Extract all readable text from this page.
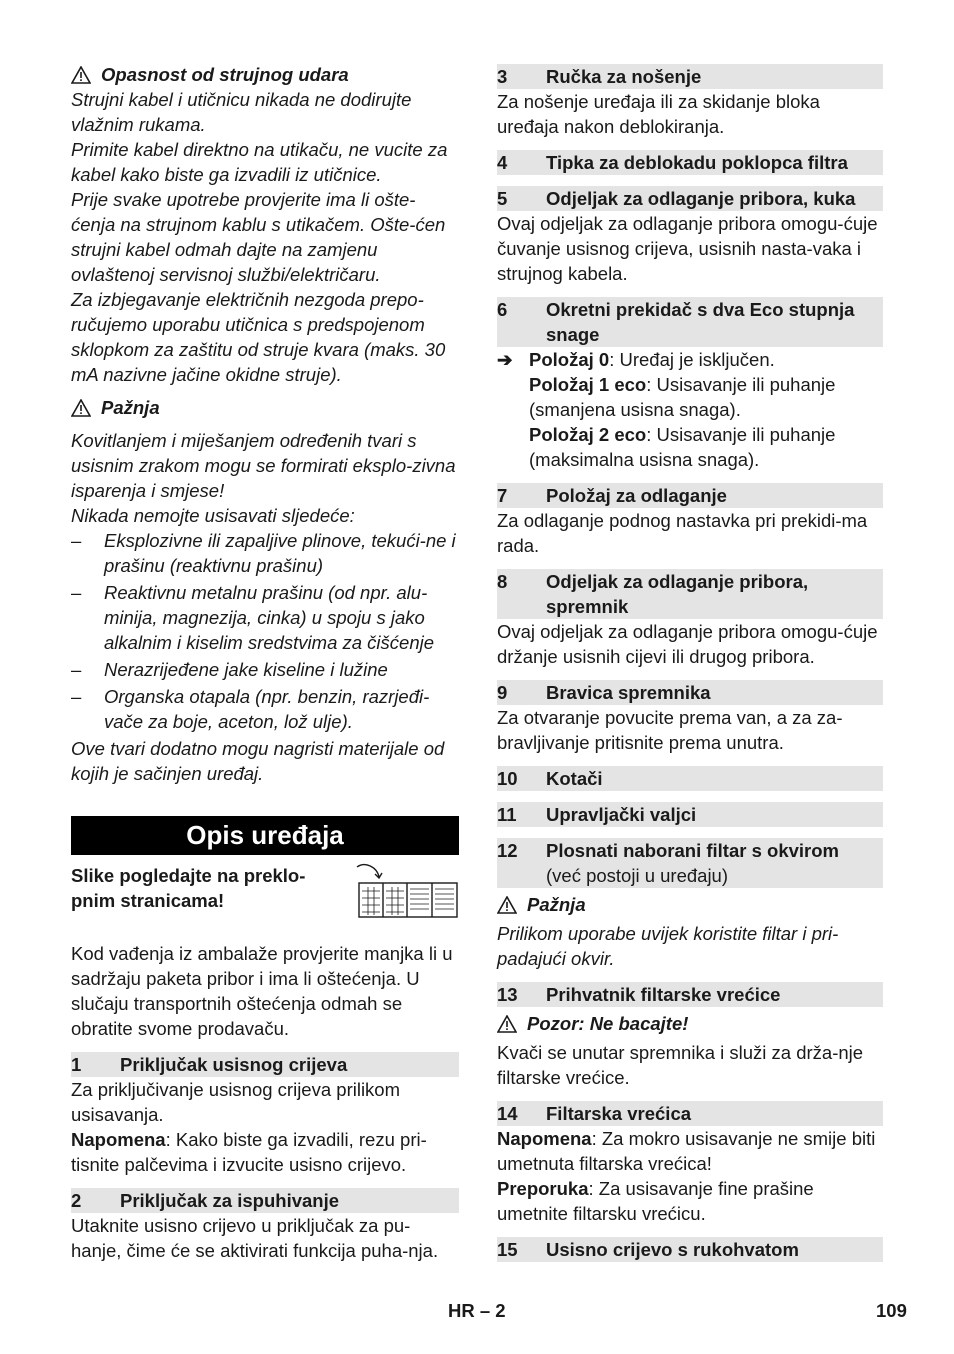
Opasnost od strujnog udara

Strujni kabel i utičnicu nikada ne dodirujte vlažnim rukama.

Primite kabel direktno na utikaču, ne vucite za kabel kako biste ga izvadili iz utičnice.

Prije svake upotrebe provjerite ima li ošte-ćenja na strujnom kablu s utikačem. Ošte-ćen strujni kabel odmah dajte na zamjenu ovlaštenoj servisnoj službi/električaru.

Za izbjegavanje električnih nezgoda prepo-ručujemo uporabu utičnica s predspojenom sklopkom za zaštitu od struje kvara (maks. 30 mA nazivne jačine okidne struje).

Pažnja

Kovitlanjem i miješanjem određenih tvari s usisnim zrakom mogu se formirati eksplo-zivna isparenja i smjese!

Nikada nemojte usisavati sljedeće:

– Eksplozivne ili zapaljive plinove, tekući-ne i prašinu (reaktivnu prašinu)
– Reaktivnu metalnu prašinu (od npr. alu-minija, magnezija, cinka) u spoju s jako alkalnim i kiselim sredstvima za čišćenje
– Nerazrijeđene jake kiseline i lužine
– Organska otapala (npr. benzin, razrjeđi-vače za boje, aceton, lož ulje).

Ove tvari dodatno mogu nagristi materijale od kojih je sačinjen uređaj.

Opis uređaja
Slike pogledajte na preklo-pnim stranicama!

Kod vađenja iz ambalaže provjerite manjka li u sadržaju paketa pribor i ima li oštećenja. U slučaju transportnih oštećenja odmah se obratite svome prodavaču.

1	Priključak usisnog crijeva

Za priključivanje usisnog crijeva prilikom usisavanja.

Napomena: Kako biste ga izvadili, rezu pri-tisnite palčevima i izvucite usisno crijevo.

2	Priključak za ispuhivanje

Utaknite usisno crijevo u priključak za pu-hanje, čime će se aktivirati funkcija puha-nja.

3	Ručka za nošenje

Za nošenje uređaja ili za skidanje bloka uređaja nakon deblokiranja.

4	Tipka za deblokadu poklopca filtra
5	Odjeljak za odlaganje pribora, kuka

Ovaj odjeljak za odlaganje pribora omogu-ćuje čuvanje usisnog crijeva, usisnih nasta-vaka i strujnog kabela.

6	Okretni prekidač s dva Eco stupnja snage
➔ Položaj 0: Uređaj je isključen.

Položaj 1 eco: Usisavanje ili puhanje (smanjena usisna snaga).

Položaj 2 eco: Usisavanje ili puhanje (maksimalna usisna snaga).

7	Položaj za odlaganje

Za odlaganje podnog nastavka pri prekidi-ma rada.

8	Odjeljak za odlaganje pribora, spremnik

Ovaj odjeljak za odlaganje pribora omogu-ćuje držanje usisnih cijevi ili drugog pribora.

9	Bravica spremnika

Za otvaranje povucite prema van, a za za-bravljivanje pritisnite prema unutra.

10	Kotači
11	Upravljački valjci
12	Plosnati naborani filtar s okvirom
(već postoji u uređaju)
Pažnja

Prilikom uporabe uvijek koristite filtar i pri-padajući okvir.

13	Prihvatnik filtarske vrećice
Pozor: Ne bacajte!

Kvači se unutar spremnika i služi za drža-nje filtarske vrećice.

14	Filtarska vrećica

Napomena: Za mokro usisavanje ne smije biti umetnuta filtarska vrećica!

Preporuka: Za usisavanje fine prašine umetnite filtarsku vrećicu.

15	Usisno crijevo s rukohvatom
HR – 2	109
